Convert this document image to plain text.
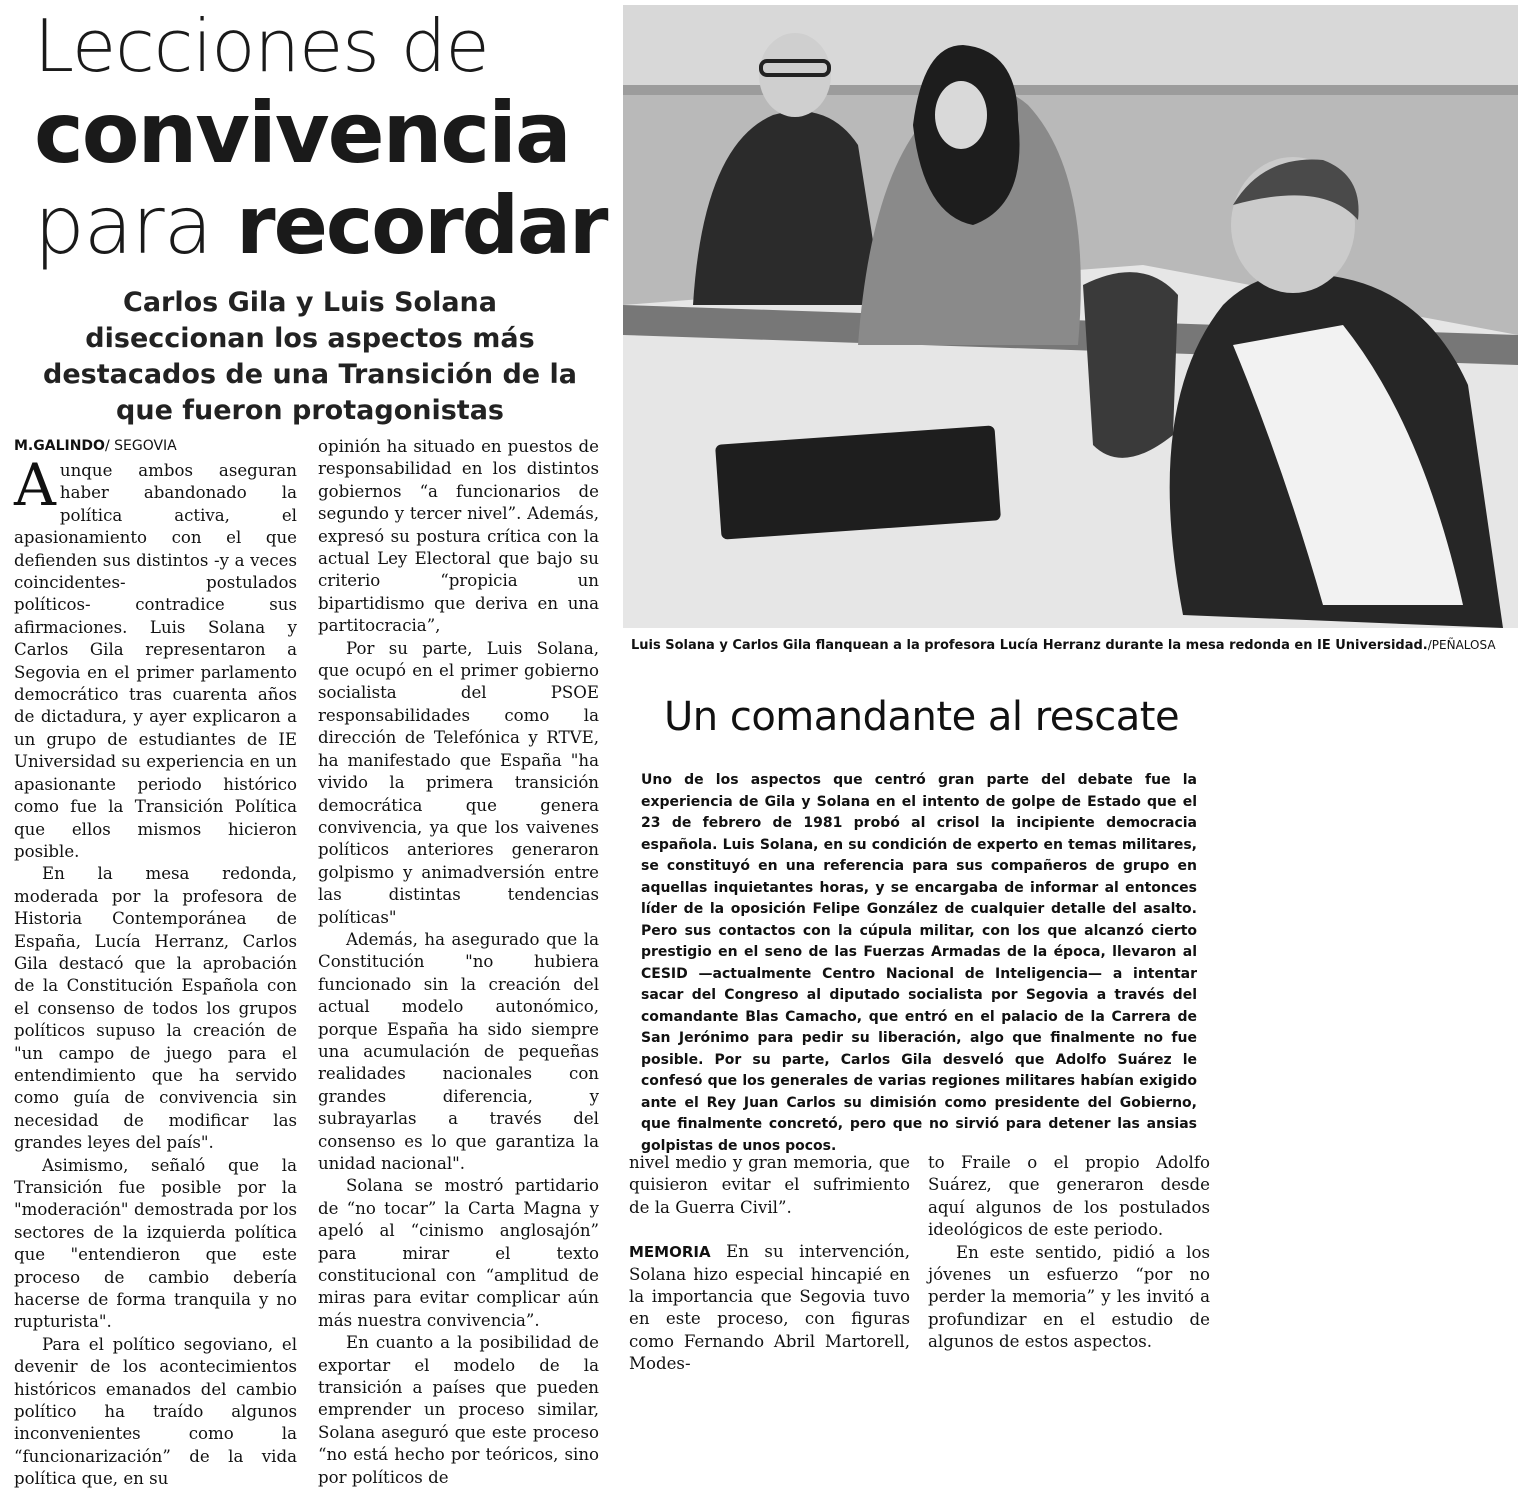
Lecciones de
convivencia
para recordar
Carlos Gila y Luis Solana diseccionan los aspectos más destacados de una Transición de la que fueron protagonistas
M.GALINDO/ SEGOVIA

Aunque ambos aseguran haber abandonado la política activa, el apasionamiento con el que defienden sus distintos -y a veces coincidentes- postulados políticos- contradice sus afirmaciones. Luis Solana y Carlos Gila representaron a Segovia en el primer parlamento democrático tras cuarenta años de dictadura, y ayer explicaron a un grupo de estudiantes de IE Universidad su experiencia en un apasionante periodo histórico como fue la Transición Política que ellos mismos hicieron posible.

En la mesa redonda, moderada por la profesora de Historia Contemporánea de España, Lucía Herranz, Carlos Gila destacó que la aprobación de la Constitución Española con el consenso de todos los grupos políticos supuso la creación de "un campo de juego para el entendimiento que ha servido como guía de convivencia sin necesidad de modificar las grandes leyes del país".

Asimismo, señaló que la Transición fue posible por la "moderación" demostrada por los sectores de la izquierda política que "entendieron que este proceso de cambio debería hacerse de forma tranquila y no rupturista".

Para el político segoviano, el devenir de los acontecimientos históricos emanados del cambio político ha traído algunos inconvenientes como la “funcionarización” de la vida política que, en su

opinión ha situado en puestos de responsabilidad en los distintos gobiernos “a funcionarios de segundo y tercer nivel”. Además, expresó su postura crítica con la actual Ley Electoral que bajo su criterio “propicia un bipartidismo que deriva en una partitocracia”,

Por su parte, Luis Solana, que ocupó en el primer gobierno socialista del PSOE responsabilidades como la dirección de Telefónica y RTVE, ha manifestado que España "ha vivido la primera transición democrática que genera convivencia, ya que los vaivenes políticos anteriores generaron golpismo y animadversión entre las distintas tendencias políticas"

Además, ha asegurado que la Constitución "no hubiera funcionado sin la creación del actual modelo autonómico, porque España ha sido siempre una acumulación de pequeñas realidades nacionales con grandes diferencia, y subrayarlas a través del consenso es lo que garantiza la unidad nacional".

Solana se mostró partidario de “no tocar” la Carta Magna y apeló al “cinismo anglosajón” para mirar el texto constitucional con “amplitud de miras para evitar complicar aún más nuestra convivencia”.

En cuanto a la posibilidad de exportar el modelo de la transición a países que pueden emprender un proceso similar, Solana aseguró que este proceso “no está hecho por teóricos, sino por políticos de

Luis Solana y Carlos Gila flanquean a la profesora Lucía Herranz durante la mesa redonda en IE Universidad./PEÑALOSA
Un comandante al rescate
Uno de los aspectos que centró gran parte del debate fue la experiencia de Gila y Solana en el intento de golpe de Estado que el 23 de febrero de 1981 probó al crisol la incipiente democracia española. Luis Solana, en su condición de experto en temas militares, se constituyó en una referencia para sus compañeros de grupo en aquellas inquietantes horas, y se encargaba de informar al entonces líder de la oposición Felipe González de cualquier detalle del asalto. Pero sus contactos con la cúpula militar, con los que alcanzó cierto prestigio en el seno de las Fuerzas Armadas de la época, llevaron al CESID —actualmente Centro Nacional de Inteligencia— a intentar sacar del Congreso al diputado socialista por Segovia a través del comandante Blas Camacho, que entró en el palacio de la Carrera de San Jerónimo para pedir su liberación, algo que finalmente no fue posible. Por su parte, Carlos Gila desveló que Adolfo Suárez le confesó que los generales de varias regiones militares habían exigido ante el Rey Juan Carlos su dimisión como presidente del Gobierno, que finalmente concretó, pero que no sirvió para detener las ansias golpistas de unos pocos.

nivel medio y gran memoria, que quisieron evitar el sufrimiento de la Guerra Civil”.

MEMORIA En su intervención, Solana hizo especial hincapié en la importancia que Segovia tuvo en este proceso, con figuras como Fernando Abril Martorell, Modes-

to Fraile o el propio Adolfo Suárez, que generaron desde aquí algunos de los postulados ideológicos de este periodo.

En este sentido, pidió a los jóvenes un esfuerzo “por no perder la memoria” y les invitó a profundizar en el estudio de algunos de estos aspectos.
